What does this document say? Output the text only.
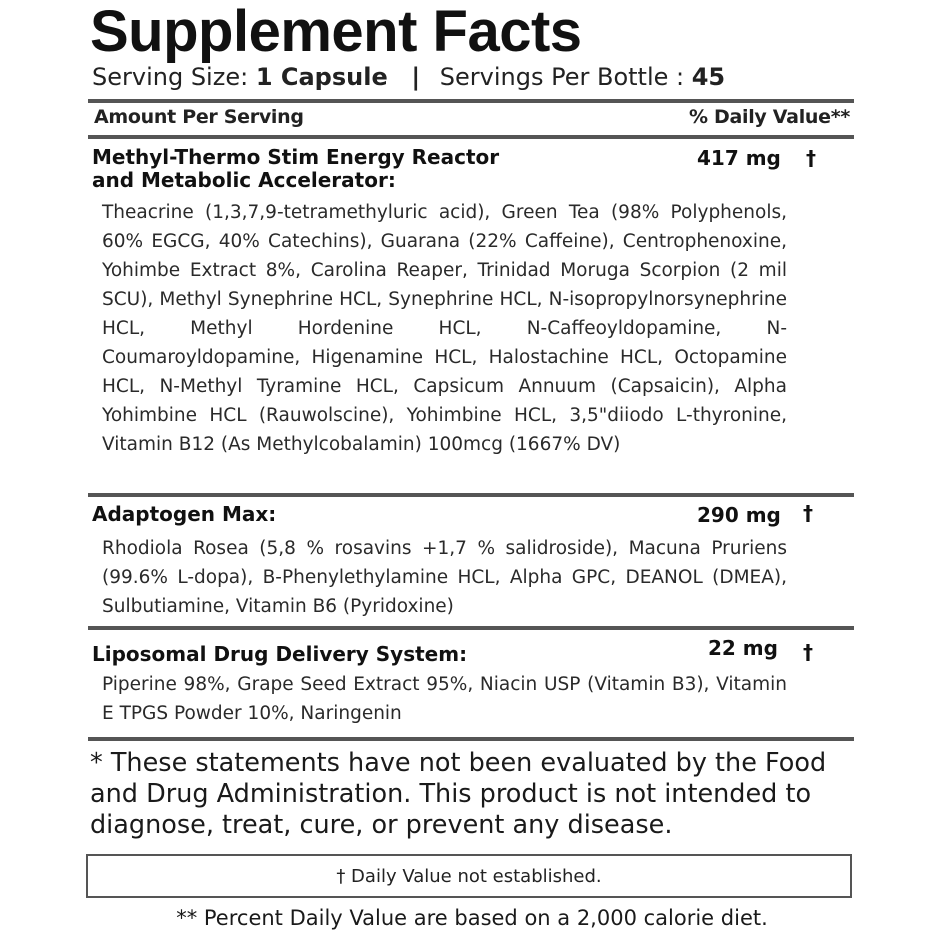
Supplement Facts
Serving Size: 1 Capsule | Servings Per Bottle : 45
Amount Per Serving	% Daily Value**
Methyl-Thermo Stim Energy Reactor
and Metabolic Accelerator:
417 mg †
Theacrine (1,3,7,9-tetramethyluric acid), Green Tea (98% Polyphenols, 60% EGCG, 40% Catechins), Guarana (22% Caffeine), Centrophenoxine, Yohimbe Extract 8%, Carolina Reaper, Trinidad Moruga Scorpion (2 mil SCU), Methyl Synephrine HCL, Synephrine HCL, N-isopropylnorsynephrine HCL, Methyl Hordenine HCL, N-Caffeoyldopamine, N-Coumaroyldopamine, Higenamine HCL, Halostachine HCL, Octopamine HCL, N-Methyl Tyramine HCL, Capsicum Annuum (Capsaicin), Alpha Yohimbine HCL (Rauwolscine), Yohimbine HCL, 3,5"diiodo L-thyronine, Vitamin B12 (As Methylcobalamin) 100mcg (1667% DV)
Adaptogen Max:	290 mg †
Rhodiola Rosea (5,8 % rosavins +1,7 % salidroside), Macuna Pruriens (99.6% L-dopa), B-Phenylethylamine HCL, Alpha GPC, DEANOL (DMEA), Sulbutiamine, Vitamin B6 (Pyridoxine)
Liposomal Drug Delivery System:	22 mg †
Piperine 98%, Grape Seed Extract 95%, Niacin USP (Vitamin B3), Vitamin E TPGS Powder 10%, Naringenin
* These statements have not been evaluated by the Food and Drug Administration. This product is not intended to diagnose, treat, cure, or prevent any disease.
† Daily Value not established.
** Percent Daily Value are based on a 2,000 calorie diet.
